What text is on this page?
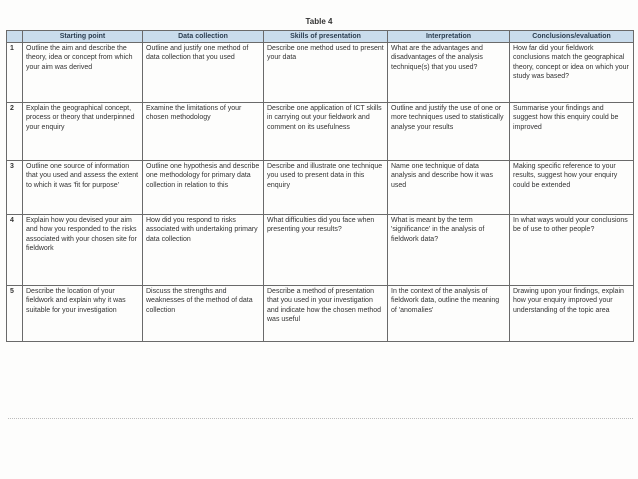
Table 4
	Starting point	Data collection	Skills of presentation	Interpretation	Conclusions/evaluation
1	Outline the aim and describe the theory, idea or concept from which your aim was derived	Outline and justify one method of data collection that you used	Describe one method used to present your data	What are the advantages and disadvantages of the analysis technique(s) that you used?	How far did your fieldwork conclusions match the geographical theory, concept or idea on which your study was based?
2	Explain the geographical concept, process or theory that underpinned your enquiry	Examine the limitations of your chosen methodology	Describe one application of ICT skills in carrying out your fieldwork and comment on its usefulness	Outline and justify the use of one or more techniques used to statistically analyse your results	Summarise your findings and suggest how this enquiry could be improved
3	Outline one source of information that you used and assess the extent to which it was 'fit for purpose'	Outline one hypothesis and describe one methodology for primary data collection in relation to this	Describe and illustrate one technique you used to present data in this enquiry	Name one technique of data analysis and describe how it was used	Making specific reference to your results, suggest how your enquiry could be extended
4	Explain how you devised your aim and how you responded to the risks associated with your chosen site for fieldwork	How did you respond to risks associated with undertaking primary data collection	What difficulties did you face when presenting your results?	What is meant by the term 'significance' in the analysis of fieldwork data?	In what ways would your conclusions be of use to other people?
5	Describe the location of your fieldwork and explain why it was suitable for your investigation	Discuss the strengths and weaknesses of the method of data collection	Describe a method of presentation that you used in your investigation and indicate how the chosen method was useful	In the context of the analysis of fieldwork data, outline the meaning of 'anomalies'	Drawing upon your findings, explain how your enquiry improved your understanding of the topic area
